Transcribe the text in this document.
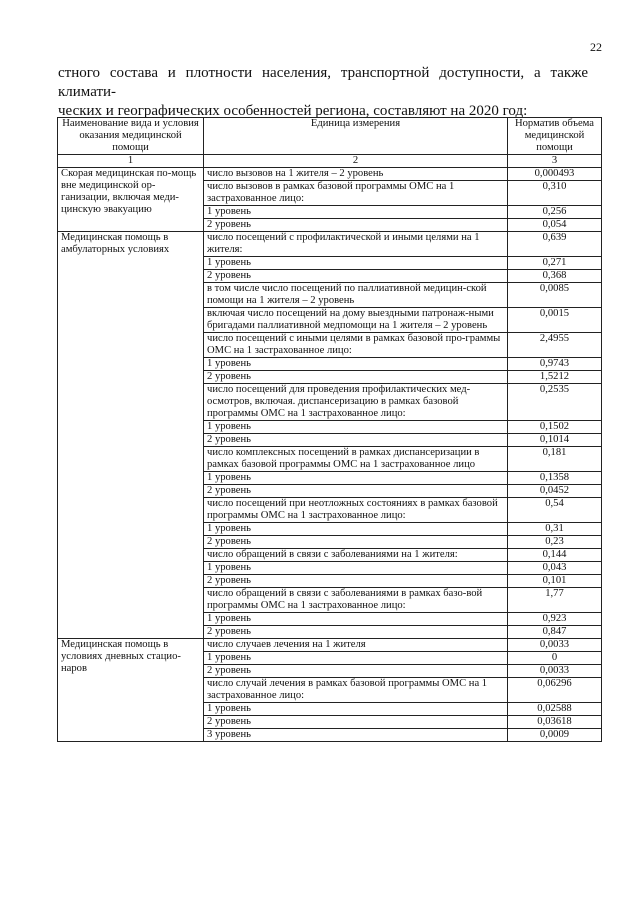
22
стного состава и плотности населения, транспортной доступности, а также климати-
ческих и географических особенностей региона, составляют на 2020 год:
Наименование вида и условия оказания медицинской помощи	Единица измерения	Норматив объема медицинской помощи
1	2	3
Скорая медицинская по-мощь вне медицинской ор-ганизации, включая меди-цинскую эвакуацию	число вызовов на 1 жителя – 2 уровень	0,000493
	число вызовов в рамках базовой программы ОМС на 1 застрахованное лицо:	0,310
	1 уровень	0,256
	2 уровень	0,054
Медицинская помощь в амбулаторных условиях	число посещений с профилактической и иными целями на 1 жителя:	0,639
	1 уровень	0,271
	2 уровень	0,368
	в том числе число посещений по паллиативной медицин-ской помощи на 1 жителя – 2 уровень	0,0085
	включая число посещений на дому выездными патронаж-ными бригадами паллиативной медпомощи на 1 жителя – 2 уровень	0,0015
	число посещений с иными целями в рамках базовой про-граммы ОМС на 1 застрахованное лицо:	2,4955
	1 уровень	0,9743
	2 уровень	1,5212
	число посещений для проведения профилактических мед-осмотров, включая. диспансеризацию в рамках базовой программы ОМС на 1 застрахованное лицо:	0,2535
	1 уровень	0,1502
	2 уровень	0,1014
	число комплексных посещений в рамках диспансеризации в рамках базовой программы ОМС на 1 застрахованное лицо	0,181
	1 уровень	0,1358
	2 уровень	0,0452
	число посещений при неотложных состояниях в рамках базовой программы ОМС на 1 застрахованное лицо:	0,54
	1 уровень	0,31
	2 уровень	0,23
	число обращений в связи с заболеваниями на 1 жителя:	0,144
	1 уровень	0,043
	2 уровень	0,101
	число обращений в связи с заболеваниями в рамках базо-вой программы ОМС на 1 застрахованное лицо:	1,77
	1 уровень	0,923
	2 уровень	0,847
Медицинская помощь в условиях дневных стацио-наров	число случаев лечения на 1 жителя	0,0033
	1 уровень	0
	2 уровень	0,0033
	число случай лечения в рамках базовой программы ОМС на 1 застрахованное лицо:	0,06296
	1 уровень	0,02588
	2 уровень	0,03618
	3 уровень	0,0009
